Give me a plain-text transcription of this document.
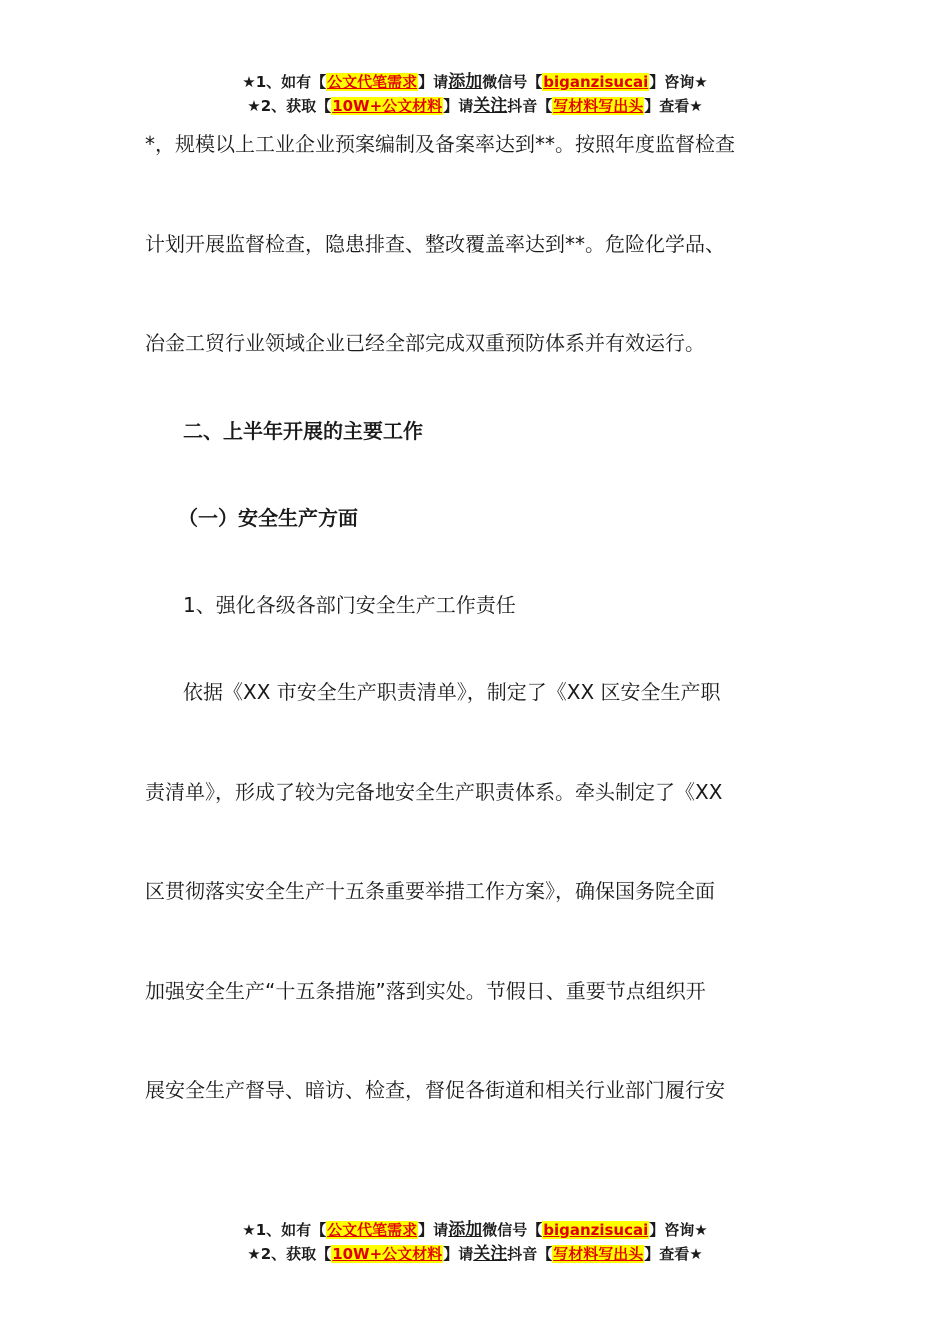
★1、如有【公文代笔需求】请添加微信号【biganzisucai】咨询★
★2、获取【10W+公文材料】请关注抖音【写材料写出头】查看★
*，规模以上工业企业预案编制及备案率达到**。按照年度监督检查
计划开展监督检查，隐患排查、整改覆盖率达到**。危险化学品、
冶金工贸行业领域企业已经全部完成双重预防体系并有效运行。
二、上半年开展的主要工作
（一）安全生产方面
1、强化各级各部门安全生产工作责任
依据《XX 市安全生产职责清单》，制定了《XX 区安全生产职
责清单》，形成了较为完备地安全生产职责体系。牵头制定了《XX
区贯彻落实安全生产十五条重要举措工作方案》，确保国务院全面
加强安全生产“十五条措施”落到实处。节假日、重要节点组织开
展安全生产督导、暗访、检查，督促各街道和相关行业部门履行安
★1、如有【公文代笔需求】请添加微信号【biganzisucai】咨询★
★2、获取【10W+公文材料】请关注抖音【写材料写出头】查看★
